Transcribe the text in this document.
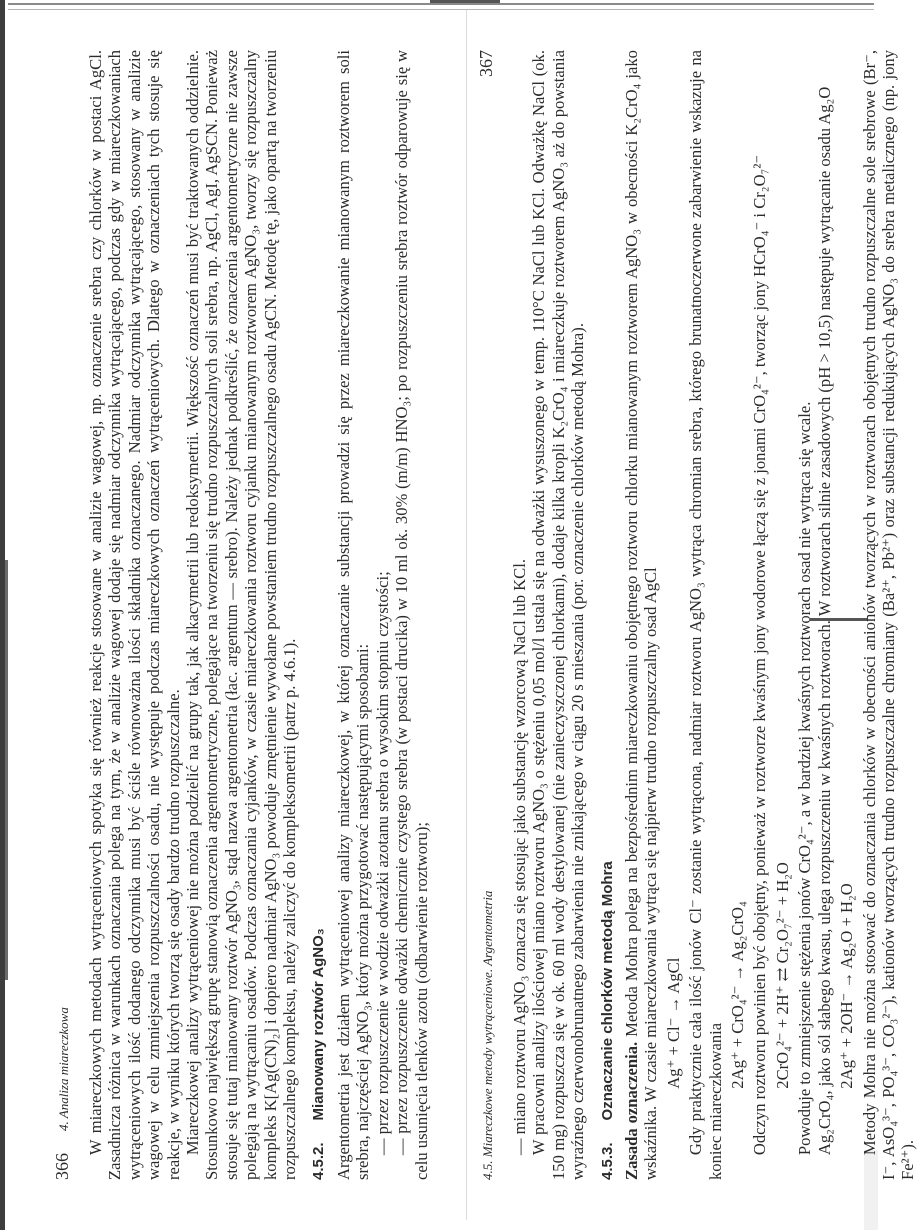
366
4. Analiza miareczkowa W miareczkowych metodach wytrąceniowych spotyka się również reakcje stosowane w analizie wagowej, np. oznaczenie srebra czy chlorków w postaci AgCl. Zasadnicza różnica w warunkach oznaczania polega na tym, że w analizie wagowej dodaje się nadmiar odczynnika wytrącającego, podczas gdy w miareczkowaniach wytrąceniowych ilość dodanego odczynnika musi być ściśle równoważna ilości składnika oznaczanego. Nadmiar odczynnika wytrącającego, stosowany w analizie wagowej w celu zmniejszenia rozpuszczalności osadu, nie występuje podczas miareczkowych oznaczeń wytrąceniowych. Dlatego w oznaczeniach tych stosuje się reakcje, w wyniku których tworzą się osady bardzo trudno rozpuszczalne. Miareczkowej analizy wytrąceniowej nie można podzielić na grupy tak, jak alkacymetrii lub redoksymetrii. Większość oznaczeń musi być traktowanych oddzielnie. Stosunkowo największą grupę stanowią oznaczenia argentometryczne, polegające na tworzeniu się trudno rozpuszczalnych soli srebra, np. AgCl, AgI, AgSCN. Ponieważ stosuje się tutaj mianowany roztwór AgNO₃, stąd nazwa argentometria (łac. argentum — srebro). Należy jednak podkreślić, że oznaczenia argentometryczne nie zawsze polegają na wytrącaniu osadów. Podczas oznaczania cyjanków, w czasie miareczkowania roztworu cyjanku mianowanym roztworem AgNO₃, tworzy się rozpuszczalny kompleks K[Ag(CN)₂] i dopiero nadmiar AgNO₃ powoduje zmętnienie wywołane powstaniem trudno rozpuszczalnego osadu AgCN. Metodę tę, jako opartą na tworzeniu rozpuszczalnego kompleksu, należy zaliczyć do kompleksometrii (patrz p. 4.6.1). 4.5.2.Mianowany roztwór AgNO₃ Argentometria jest działem wytrąceniowej analizy miareczkowej, w której oznaczanie substancji prowadzi się przez miareczkowanie mianowanym roztworem soli srebra, najczęściej AgNO₃, który można przygotować następującymi sposobami: — przez rozpuszczenie w wodzie odważki azotanu srebra o wysokim stopniu czystości; — przez rozpuszczenie odważki chemicznie czystego srebra (w postaci drucika) w 10 ml ok. 30% (m/m) HNO₃; po rozpuszczeniu srebra roztwór odparowuje się w celu usunięcia tlenków azotu (odbarwienie roztworu);	4.5. Miareczkowe metody wytrąceniowe. Argentometria
367

— miano roztworu AgNO₃ oznacza się stosując jako substancję wzorcową NaCl lub KCl. W pracowni analizy ilościowej miano roztworu AgNO₃ o stężeniu 0,05 mol/l ustala się na odważki wysuszonego w temp. 110°C NaCl lub KCl. Odważkę NaCl (ok. 150 mg) rozpuszcza się w ok. 60 ml wody destylowanej (nie zanieczyszczonej chlorkami), dodaje kilka kropli K₂CrO₄ i miareczkuje roztworem AgNO₃ aż do powstania wyraźnego czerwonobrunatnego zabarwienia nie znikającego w ciągu 20 s mieszania (por. oznaczenie chlorków metodą Mohra). 4.5.3.Oznaczanie chlorków metodą Mohra Zasada oznaczenia. Metoda Mohra polega na bezpośrednim miareczkowaniu obojętnego roztworu chlorku mianowanym roztworem AgNO₃ w obecności K₂CrO₄ jako wskaźnika. W czasie miareczkowania wytrąca się najpierw trudno rozpuszczalny osad AgCl Ag⁺ + Cl⁻ → AgCl Gdy praktycznie cała ilość jonów Cl⁻ zostanie wytrącona, nadmiar roztworu AgNO₃ wytrąca chromian srebra, którego brunatnoczerwone zabarwienie wskazuje na koniec miareczkowania

2Ag⁺ + CrO₄²⁻ → Ag₂CrO₄ Odczyn roztworu powinien być obojętny, ponieważ w roztworze kwaśnym jony wodorowe łączą się z jonami CrO₄²⁻, tworząc jony HCrO₄⁻ i Cr₂O₇²⁻ 2CrO₄²⁻ + 2H⁺ ⇄ Cr₂O₇²⁻ + H₂O Powoduje to zmniejszenie stężenia jonów CrO₄²⁻, a w bardziej kwaśnych roztworach osad nie wytrąca się wcale. Ag₂CrO₄, jako sól słabego kwasu, ulega rozpuszczeniu w kwaśnych roztworach. W roztworach silnie zasadowych (pH > 10,5) następuje wytrącanie osadu Ag₂O 2Ag⁺ + 2OH⁻ → Ag₂O + H₂O Metody Mohra nie można stosować do oznaczania chlorków w obecności anionów tworzących w roztworach obojętnych trudno rozpuszczalne sole srebrowe (Br⁻, I⁻, AsO₄³⁻, PO₄³⁻, CO₃²⁻), kationów tworzących trudno rozpuszczalne chromiany (Ba²⁺, Pb²⁺) oraz substancji redukujących AgNO₃ do srebra metalicznego (np. jony Fe²⁺).
